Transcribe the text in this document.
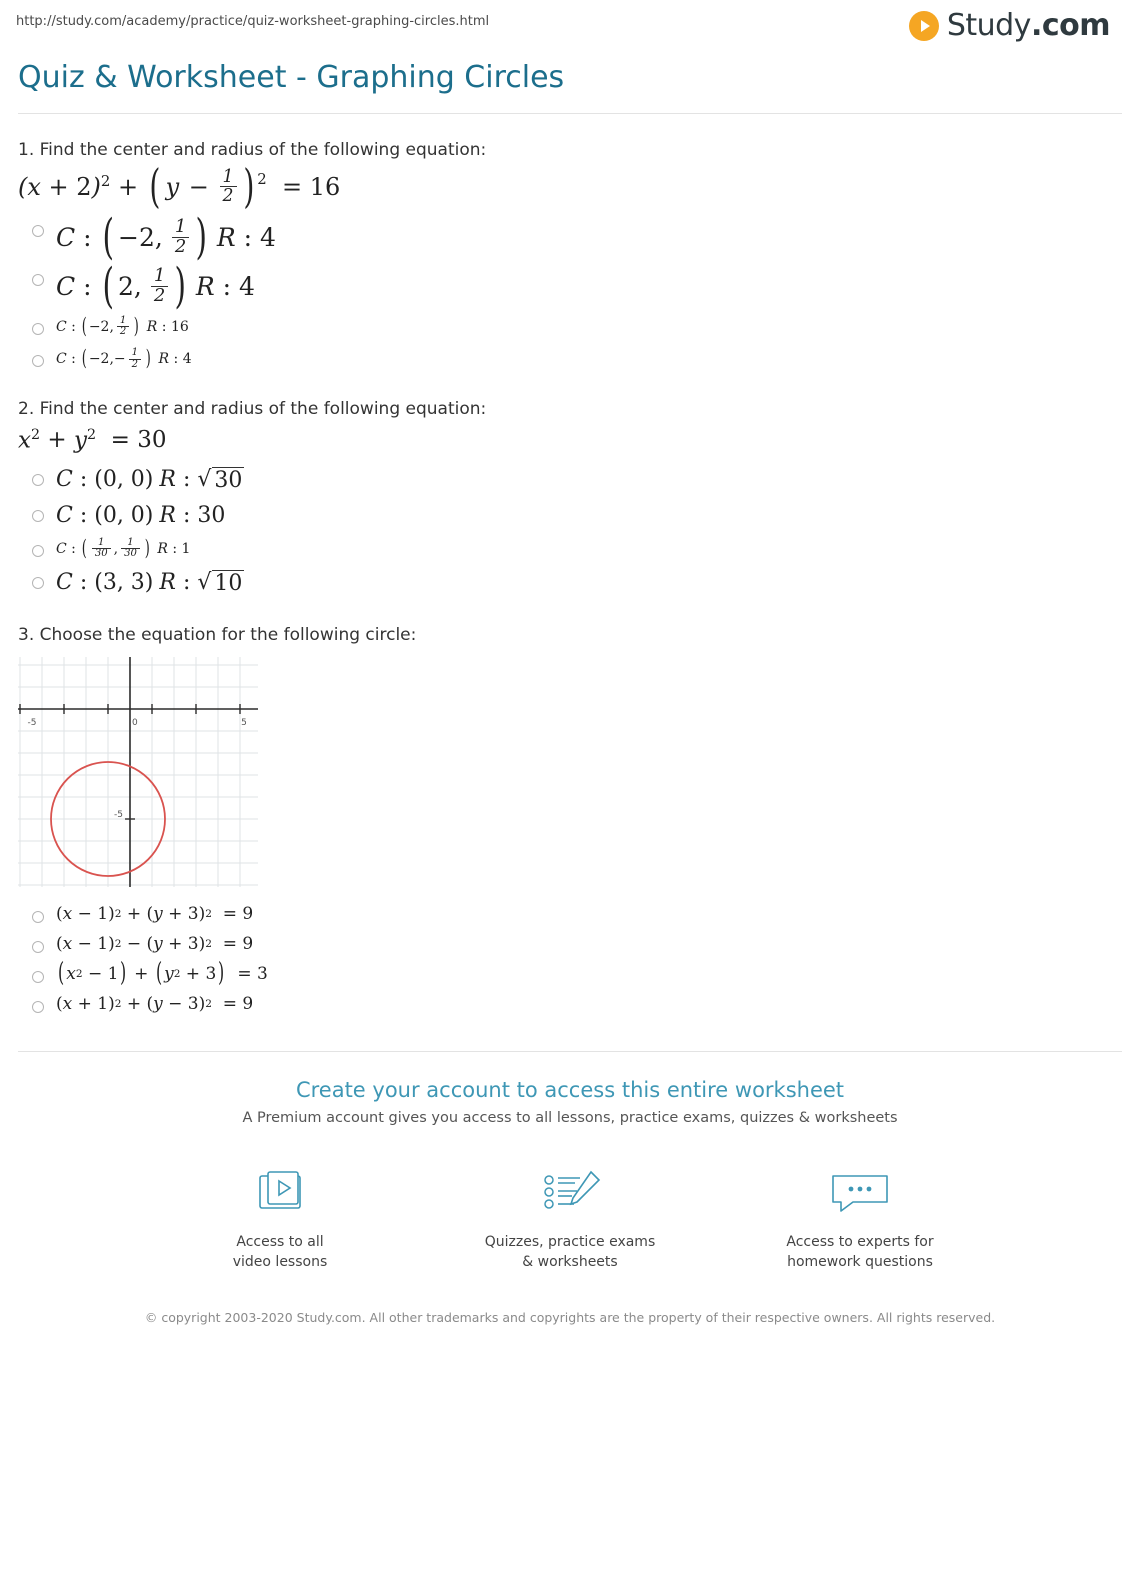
http://study.com/academy/practice/quiz-worksheet-graphing-circles.html	Study.com
Quiz & Worksheet - Graphing Circles
1. Find the center and radius of the following equation:
$(x + 2)^2$ + ( $y - \frac{1}{2}$ ) 2 = 16
C : ( −2, $\frac{1}{2}$ ) R : 4
C : ( 2, $\frac{1}{2}$ ) R : 4
C : ( −2, $\frac{1}{2}$ ) R : 16
C : ( $-2,- \frac{1}{2}$ ) R : 4
2. Find the center and radius of the following equation:
$x^2 + y^2 = 30$
C : (0, 0) R : √ 30
C : (0, 0) R : 30
C : ( $\frac{1}{30}$ , $\frac{1}{30}$ ) R : 1
C : (3, 3) R : √ 10
3. Choose the equation for the following circle:
-5	0	5
-5
( x − 1) 2 + ( y + 3) 2 = 9
( x − 1) 2 − ( y + 3) 2 = 9
( x 2 − 1 ) + ( y 2 + 3 ) = 3
( x + 1) 2 + ( y − 3) 2 = 9
Create your account to access this entire worksheet
A Premium account gives you access to all lessons, practice exams, quizzes & worksheets
Access to all
video lessons
Quizzes, practice exams
& worksheets
Access to experts for
homework questions
© copyright 2003-2020 Study.com. All other trademarks and copyrights are the property of their respective owners. All rights reserved.
